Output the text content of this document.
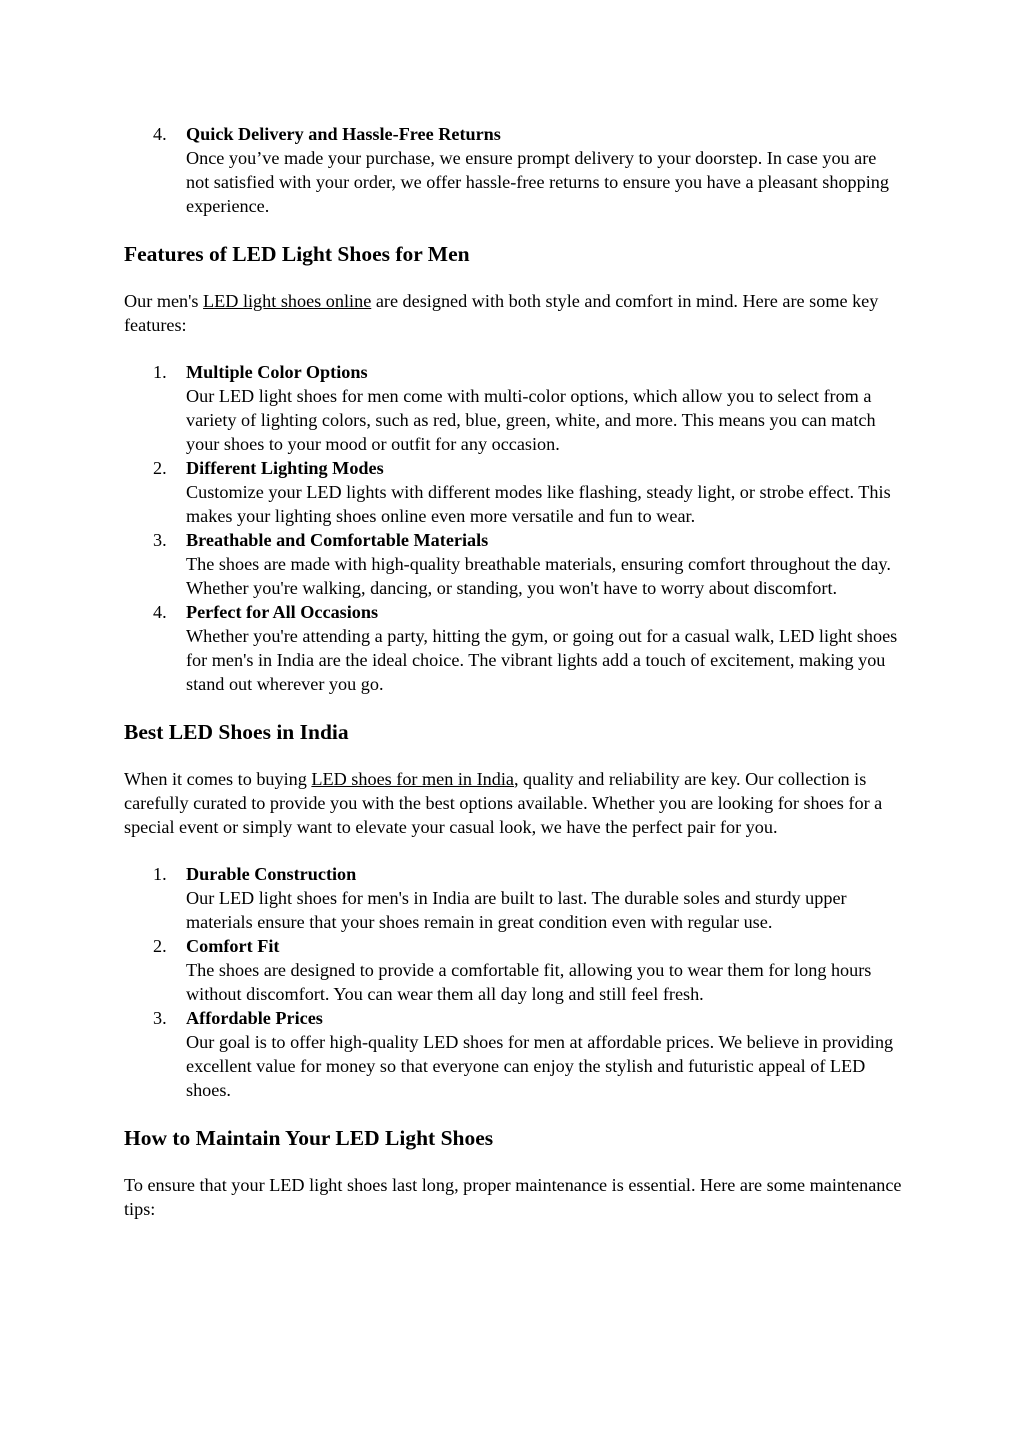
4. Quick Delivery and Hassle-Free Returns
Once you’ve made your purchase, we ensure prompt delivery to your doorstep. In case you are not satisfied with your order, we offer hassle-free returns to ensure you have a pleasant shopping experience.
Features of LED Light Shoes for Men

Our men's LED light shoes online are designed with both style and comfort in mind. Here are some key features:

1. Multiple Color Options
Our LED light shoes for men come with multi-color options, which allow you to select from a variety of lighting colors, such as red, blue, green, white, and more. This means you can match your shoes to your mood or outfit for any occasion.
2. Different Lighting Modes
Customize your LED lights with different modes like flashing, steady light, or strobe effect. This makes your lighting shoes online even more versatile and fun to wear.
3. Breathable and Comfortable Materials
The shoes are made with high-quality breathable materials, ensuring comfort throughout the day. Whether you're walking, dancing, or standing, you won't have to worry about discomfort.
4. Perfect for All Occasions
Whether you're attending a party, hitting the gym, or going out for a casual walk, LED light shoes for men's in India are the ideal choice. The vibrant lights add a touch of excitement, making you stand out wherever you go.
Best LED Shoes in India

When it comes to buying LED shoes for men in India, quality and reliability are key. Our collection is carefully curated to provide you with the best options available. Whether you are looking for shoes for a special event or simply want to elevate your casual look, we have the perfect pair for you.

1. Durable Construction
Our LED light shoes for men's in India are built to last. The durable soles and sturdy upper materials ensure that your shoes remain in great condition even with regular use.
2. Comfort Fit
The shoes are designed to provide a comfortable fit, allowing you to wear them for long hours without discomfort. You can wear them all day long and still feel fresh.
3. Affordable Prices
Our goal is to offer high-quality LED shoes for men at affordable prices. We believe in providing excellent value for money so that everyone can enjoy the stylish and futuristic appeal of LED shoes.
How to Maintain Your LED Light Shoes

To ensure that your LED light shoes last long, proper maintenance is essential. Here are some maintenance tips:
